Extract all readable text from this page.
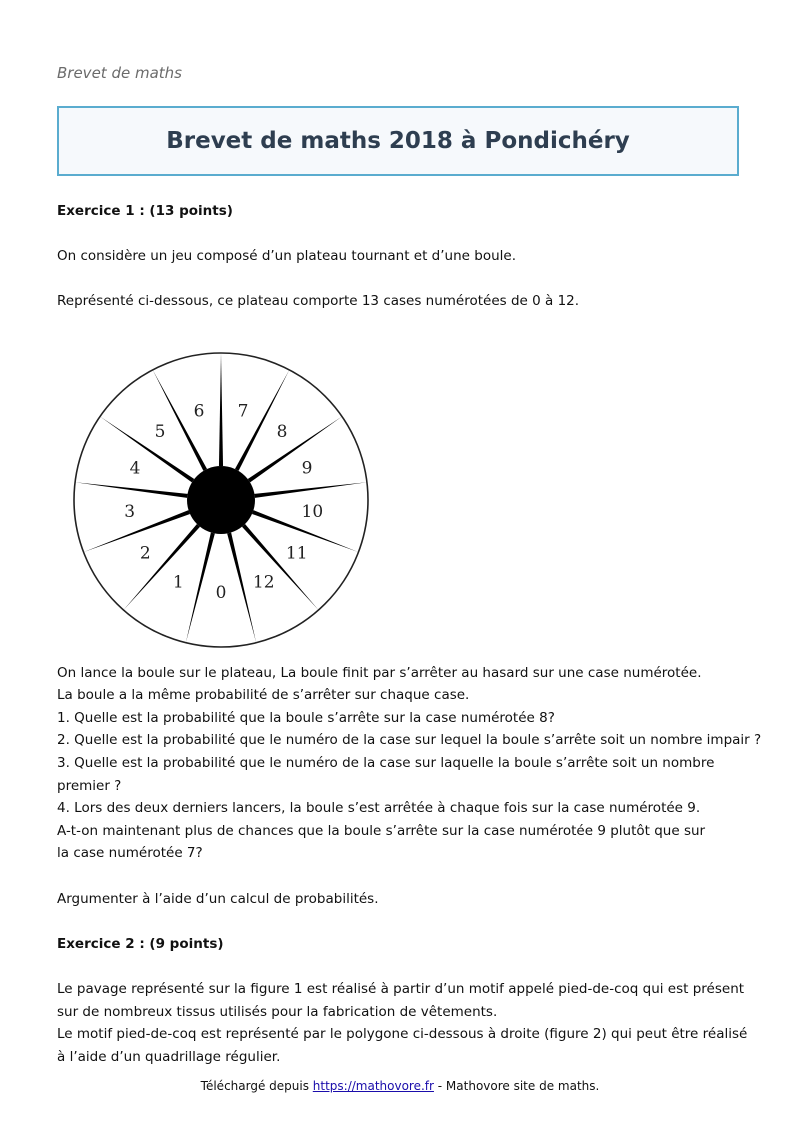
Brevet de maths
Brevet de maths 2018 à Pondichéry

Exercice 1 : (13 points)

On considère un jeu composé d’un plateau tournant et d’une boule.

Représenté ci-dessous, ce plateau comporte 13 cases numérotées de 0 à 12.

0
1
2
3
4
5
6 7
8
9
10
11
12

On lance la boule sur le plateau, La boule finit par s’arrêter au hasard sur une case numérotée.

La boule a la même probabilité de s’arrêter sur chaque case.

1. Quelle est la probabilité que la boule s’arrête sur la case numérotée 8?

2. Quelle est la probabilité que le numéro de la case sur lequel la boule s’arrête soit un nombre impair ?

3. Quelle est la probabilité que le numéro de la case sur laquelle la boule s’arrête soit un nombre

premier ?

4. Lors des deux derniers lancers, la boule s’est arrêtée à chaque fois sur la case numérotée 9.

A-t-on maintenant plus de chances que la boule s’arrête sur la case numérotée 9 plutôt que sur

la case numérotée 7?

Argumenter à l’aide d’un calcul de probabilités.

Exercice 2 : (9 points)

Le pavage représenté sur la figure 1 est réalisé à partir d’un motif appelé pied-de-coq qui est présent

sur de nombreux tissus utilisés pour la fabrication de vêtements.

Le motif pied-de-coq est représenté par le polygone ci-dessous à droite (figure 2) qui peut être réalisé

à l’aide d’un quadrillage régulier.

Téléchargé depuis https://mathovore.fr - Mathovore site de maths.
